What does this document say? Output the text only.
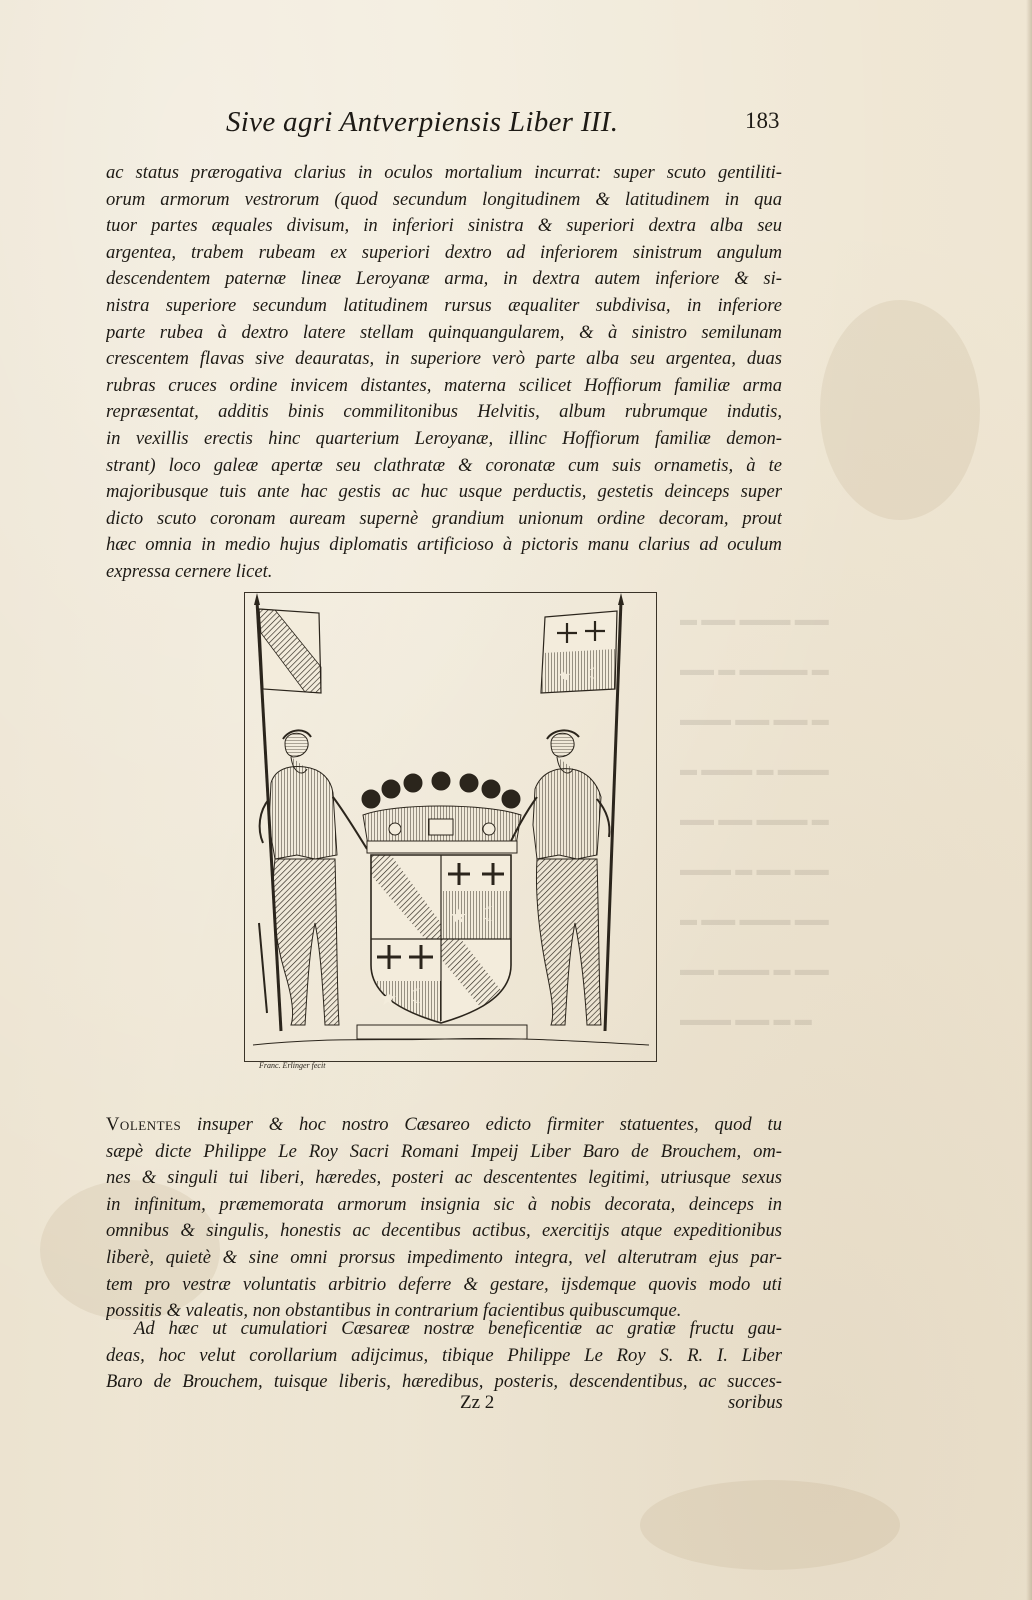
▬ ▬▬ ▬▬▬ ▬▬
▬▬ ▬ ▬▬▬▬ ▬
▬▬▬ ▬▬ ▬▬ ▬
▬ ▬▬▬ ▬ ▬▬▬
▬▬ ▬▬ ▬▬▬ ▬
▬▬▬ ▬ ▬▬ ▬▬
▬ ▬▬ ▬▬▬ ▬▬
▬▬ ▬▬▬ ▬ ▬▬
▬▬▬ ▬▬ ▬ ▬
Sive agri Antverpiensis Liber III.	183
ac status prærogativa clarius in oculos mortalium incurrat: super scuto gentiliti-
orum armorum vestrorum (quod secundum longitudinem & latitudinem in qua
tuor partes æquales divisum, in inferiori sinistra & superiori dextra alba seu
argentea, trabem rubeam ex superiori dextro ad inferiorem sinistrum angulum
descendentem paternæ lineæ Leroyanæ arma, in dextra autem inferiore & si-
nistra superiore secundum latitudinem rursus æqualiter subdivisa, in inferiore
parte rubea à dextro latere stellam quinquangularem, & à sinistro semilunam
crescentem flavas sive deauratas, in superiore verò parte alba seu argentea, duas
rubras cruces ordine invicem distantes, materna scilicet Hoffiorum familiæ arma
repræsentat, additis binis commilitonibus Helvitis, album rubrumque indutis,
in vexillis erectis hinc quarterium Leroyanæ, illinc Hoffiorum familiæ demon-
strant) loco galeæ apertæ seu clathratæ & coronatæ cum suis ornametis, à te
majoribusque tuis ante hac gestis ac huc usque perductis, gestetis deinceps super
dicto scuto coronam auream supernè grandium unionum ordine decoram, prout
hæc omnia in medio hujus diplomatis artificioso à pictoris manu clarius ad oculum
expressa cernere licet.
★ ☾
★ ☾
★ ☾
Franc. Erlinger fecit
Volentes insuper & hoc nostro Cæsareo edicto firmiter statuentes, quod tu
sæpè dicte Philippe Le Roy Sacri Romani Impeij Liber Baro de Brouchem, om-
nes & singuli tui liberi, hæredes, posteri ac descententes legitimi, utriusque sexus
in infinitum, præmemorata armorum insignia sic à nobis decorata, deinceps in
omnibus & singulis, honestis ac decentibus actibus, exercitijs atque expeditionibus
liberè, quietè & sine omni prorsus impedimento integra, vel alterutram ejus par-
tem pro vestræ voluntatis arbitrio deferre & gestare, ijsdemque quovis modo uti
possitis & valeatis, non obstantibus in contrarium facientibus quibuscumque.
Ad hæc ut cumulatiori Cæsareæ nostræ beneficentiæ ac gratiæ fructu gau-
deas, hoc velut corollarium adijcimus, tibique Philippe Le Roy S. R. I. Liber
Baro de Brouchem, tuisque liberis, hæredibus, posteris, descendentibus, ac succes-
Zz 2	soribus
